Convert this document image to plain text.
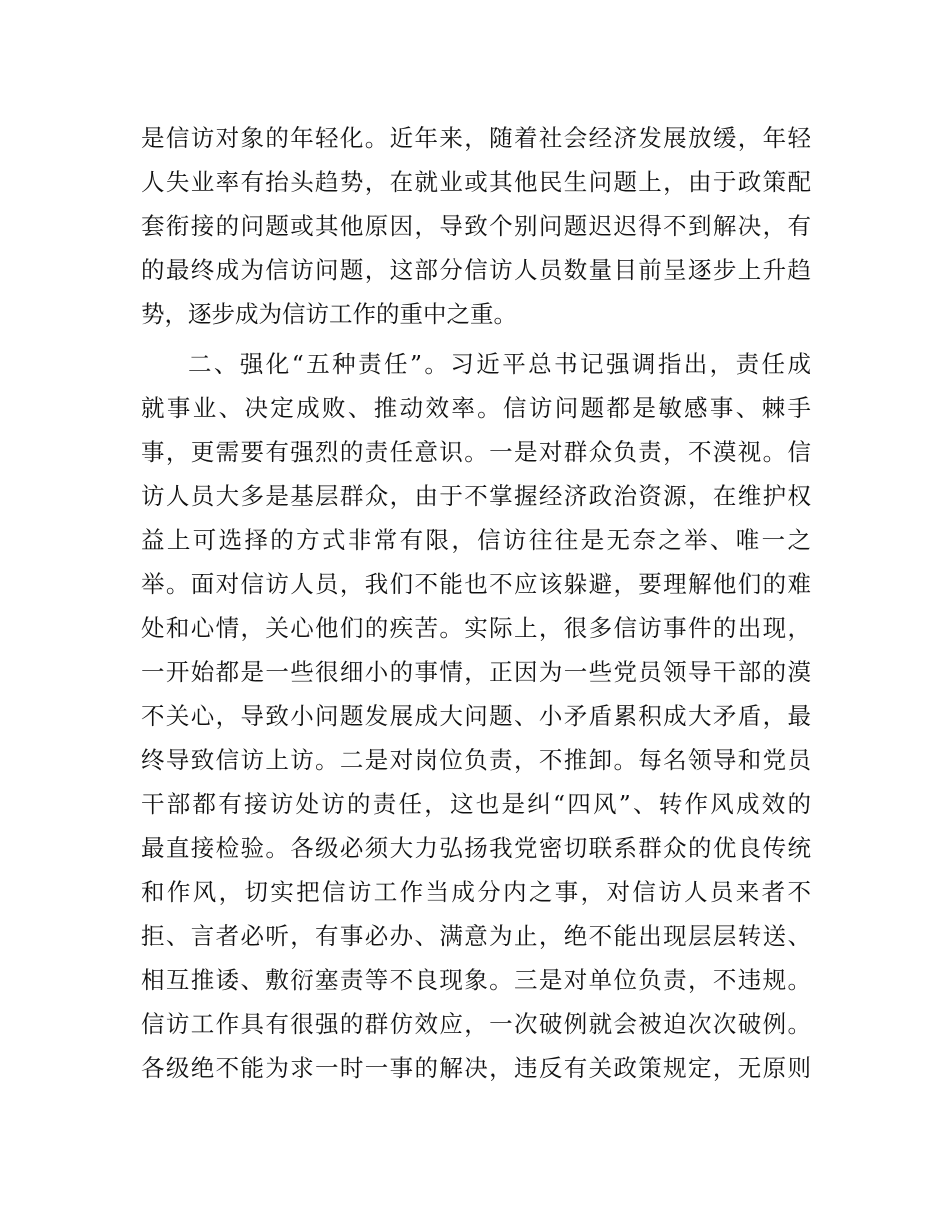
是信访对象的年轻化。近年来，随着社会经济发展放缓，年轻
人失业率有抬头趋势，在就业或其他民生问题上，由于政策配
套衔接的问题或其他原因，导致个别问题迟迟得不到解决，有
的最终成为信访问题，这部分信访人员数量目前呈逐步上升趋
势，逐步成为信访工作的重中之重。
二、强化“五种责任”。习近平总书记强调指出，责任成
就事业、决定成败、推动效率。信访问题都是敏感事、棘手
事，更需要有强烈的责任意识。一是对群众负责，不漠视。信
访人员大多是基层群众，由于不掌握经济政治资源，在维护权
益上可选择的方式非常有限，信访往往是无奈之举、唯一之
举。面对信访人员，我们不能也不应该躲避，要理解他们的难
处和心情，关心他们的疾苦。实际上，很多信访事件的出现，
一开始都是一些很细小的事情，正因为一些党员领导干部的漠
不关心，导致小问题发展成大问题、小矛盾累积成大矛盾，最
终导致信访上访。二是对岗位负责，不推卸。每名领导和党员
干部都有接访处访的责任，这也是纠“四风”、转作风成效的
最直接检验。各级必须大力弘扬我党密切联系群众的优良传统
和作风，切实把信访工作当成分内之事，对信访人员来者不
拒、言者必听，有事必办、满意为止，绝不能出现层层转送、
相互推诿、敷衍塞责等不良现象。三是对单位负责，不违规。
信访工作具有很强的群仿效应，一次破例就会被迫次次破例。
各级绝不能为求一时一事的解决，违反有关政策规定，无原则
